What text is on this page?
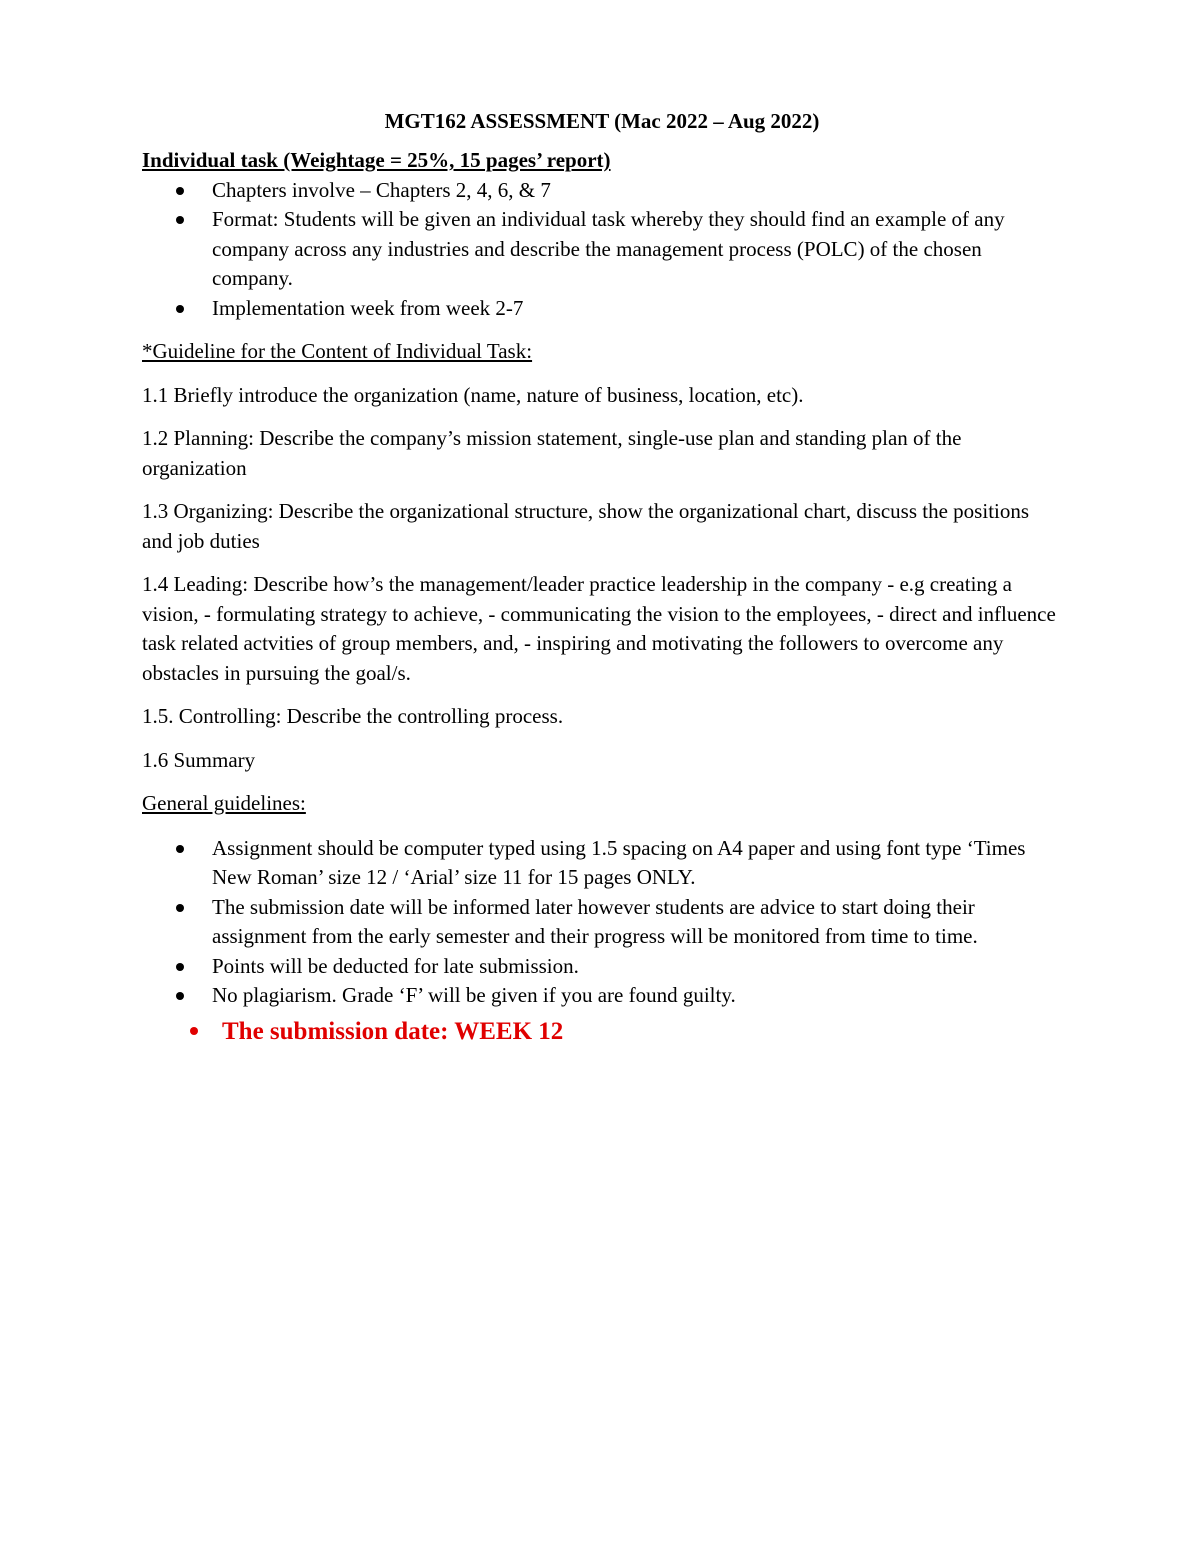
MGT162 ASSESSMENT (Mac 2022 – Aug 2022)
Individual task (Weightage = 25%, 15 pages’ report)
Chapters involve – Chapters 2, 4, 6, & 7
Format: Students will be given an individual task whereby they should find an example of any company across any industries and describe the management process (POLC) of the chosen company.
Implementation week from week 2-7
*Guideline for the Content of Individual Task:
1.1 Briefly introduce the organization (name, nature of business, location, etc).
1.2 Planning: Describe the company’s mission statement, single-use plan and standing plan of the organization
1.3 Organizing: Describe the organizational structure, show the organizational chart, discuss the positions and job duties
1.4 Leading: Describe how’s the management/leader practice leadership in the company - e.g creating a vision, - formulating strategy to achieve, - communicating the vision to the employees, - direct and influence task related actvities of group members, and, - inspiring and motivating the followers to overcome any obstacles in pursuing the goal/s.
1.5. Controlling: Describe the controlling process.
1.6 Summary
General guidelines:
Assignment should be computer typed using 1.5 spacing on A4 paper and using font type ‘Times New Roman’ size 12 / ‘Arial’ size 11 for 15 pages ONLY.
The submission date will be informed later however students are advice to start doing their assignment from the early semester and their progress will be monitored from time to time.
Points will be deducted for late submission.
No plagiarism. Grade ‘F’ will be given if you are found guilty.
The submission date: WEEK 12
